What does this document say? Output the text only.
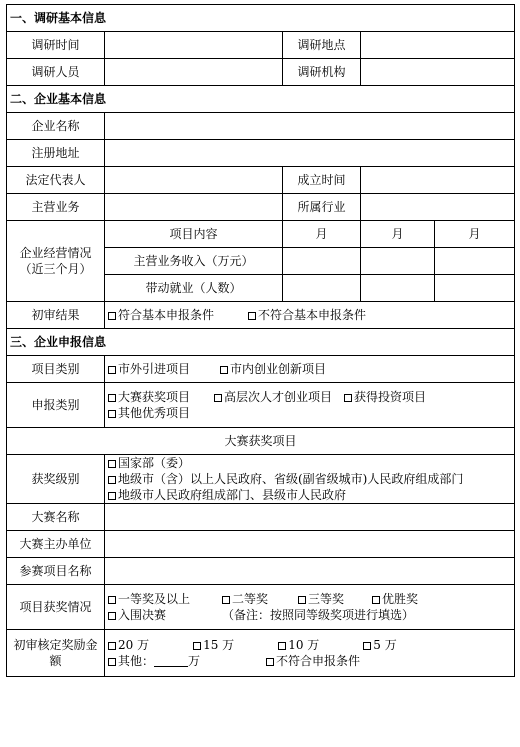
一、调研基本信息				
调研时间		调研地点		
调研人员		调研机构		
二、企业基本信息				
企业名称				
注册地址				
法定代表人		成立时间		
主营业务		所属行业		
企业经营情况（近三个月）	项目内容	月	月	月
	主营业务收入（万元）			
	带动就业（人数）			
初审结果	符合基本申报条件 不符合基本申报条件			
三、企业申报信息				
项目类别	市外引进项目 市内创业创新项目			
申报类别	大赛获奖项目 高层次人才创业项目 获得投资项目
其他优秀项目			

大赛获奖项目				
获奖级别	国家部（委）
地级市（含）以上人民政府、省级(副省级城市)人民政府组成部门
地级市人民政府组成部门、县级市人民政府			

大赛名称				
大赛主办单位				
参赛项目名称				
项目获奖情况	一等奖及以上 二等奖 三等奖 优胜奖
入围决赛 （备注：按照同等级奖项进行填选）			

初审核定奖励金额	20 万 15 万 10 万 5 万
其他： 万 不符合申报条件			
